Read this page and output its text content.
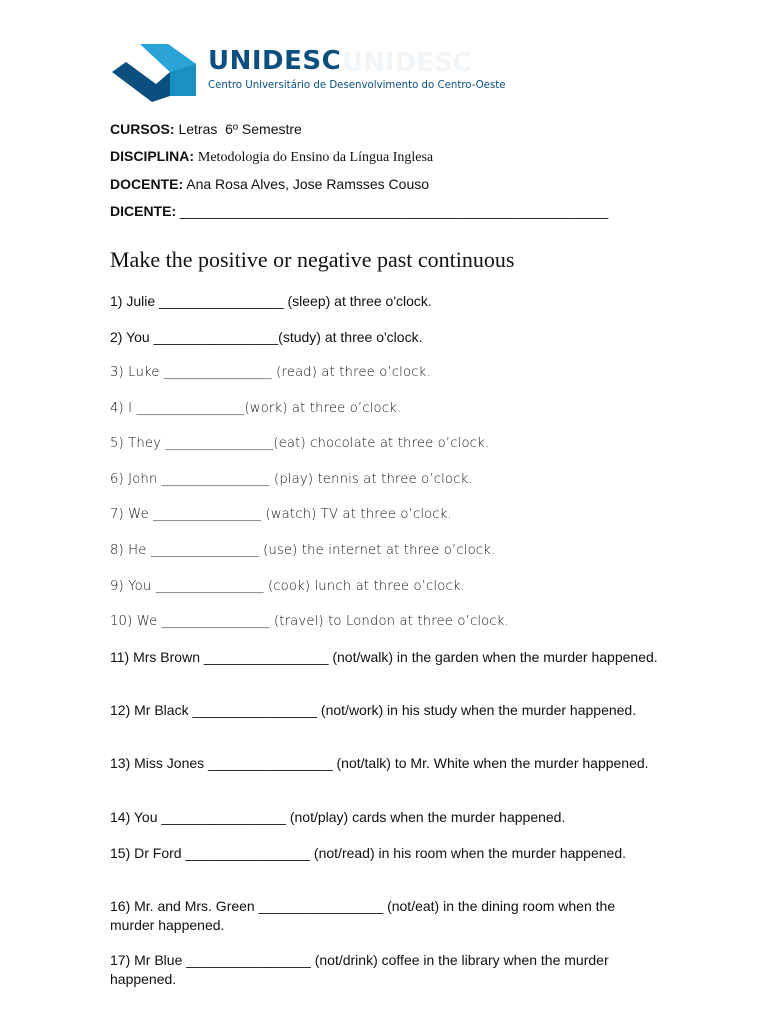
UNIDESC
UNIDESC
Centro Universitário de Desenvolvimento do Centro-Oeste
CURSOS: Letras  6º Semestre
DISCIPLINA: Metodologia do Ensino da Língua Inglesa
DOCENTE: Ana Rosa Alves, Jose Ramsses Couso
DICENTE: _______________________________________________________
Make the positive or negative past continuous
1) Julie ________________ (sleep) at three o'clock.
2) You ________________(study) at three o'clock.
3) Luke ________________ (read) at three o’clock.
4) I ________________(work) at three o’clock.
5) They ________________(eat) chocolate at three o’clock.
6) John ________________ (play) tennis at three o’clock.
7) We ________________ (watch) TV at three o’clock.
8) He ________________ (use) the internet at three o’clock.
9) You ________________ (cook) lunch at three o’clock.
10) We ________________ (travel) to London at three o’clock.
11) Mrs Brown ________________ (not/walk) in the garden when the murder happened.
12) Mr Black ________________ (not/work) in his study when the murder happened.
13) Miss Jones ________________ (not/talk) to Mr. White when the murder happened.
14) You ________________ (not/play) cards when the murder happened.
15) Dr Ford ________________ (not/read) in his room when the murder happened.
16) Mr. and Mrs. Green ________________ (not/eat) in the dining room when the murder happened.
17) Mr Blue ________________ (not/drink) coffee in the library when the murder happened.
